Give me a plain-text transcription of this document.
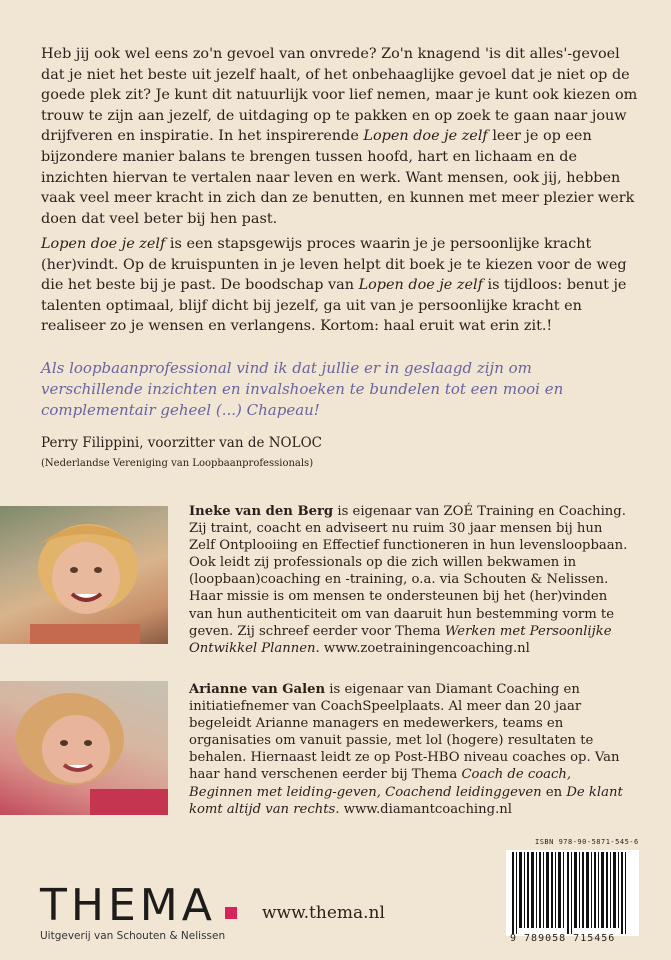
Heb jij ook wel eens zo'n gevoel van onvrede? Zo'n knagend 'is dit alles'-gevoel dat je niet het beste uit jezelf haalt, of het onbehaaglijke gevoel dat je niet op de goede plek zit? Je kunt dit natuurlijk voor lief nemen, maar je kunt ook kiezen om trouw te zijn aan jezelf, de uitdaging op te pakken en op zoek te gaan naar jouw drijfveren en inspiratie. In het inspirerende Lopen doe je zelf leer je op een bijzondere manier balans te brengen tussen hoofd, hart en lichaam en de inzichten hiervan te vertalen naar leven en werk. Want mensen, ook jij, hebben vaak veel meer kracht in zich dan ze benutten, en kunnen met meer plezier werk doen dat veel beter bij hen past.

Lopen doe je zelf is een stapsgewijs proces waarin je je persoonlijke kracht (her)vindt. Op de kruispunten in je leven helpt dit boek je te kiezen voor de weg die het beste bij je past. De boodschap van Lopen doe je zelf is tijdloos: benut je talenten optimaal, blijf dicht bij jezelf, ga uit van je persoonlijke kracht en realiseer zo je wensen en verlangens. Kortom: haal eruit wat erin zit.!

Als loopbaanprofessional vind ik dat jullie er in geslaagd zijn om verschillende inzichten en invalshoeken te bundelen tot een mooi en complementair geheel (...) Chapeau!

Perry Filippini, voorzitter van de NOLOC
(Nederlandse Vereniging van Loopbaanprofessionals)

Ineke van den Berg is eigenaar van ZOÉ Training en Coaching. Zij traint, coacht en adviseert nu ruim 30 jaar mensen bij hun Zelf Ontplooiing en Effectief functioneren in hun levensloopbaan. Ook leidt zij professionals op die zich willen bekwamen in (loopbaan)coaching en -training, o.a. via Schouten & Nelissen. Haar missie is om mensen te ondersteunen bij het (her)vinden van hun authenticiteit om van daaruit hun bestemming vorm te geven. Zij schreef eerder voor Thema Werken met Persoonlijke Ontwikkel Plannen. www.zoetrainingencoaching.nl

Arianne van Galen is eigenaar van Diamant Coaching en initiatiefnemer van CoachSpeelplaats. Al meer dan 20 jaar begeleidt Arianne managers en medewerkers, teams en organisaties om vanuit passie, met lol (hogere) resultaten te behalen. Hiernaast leidt ze op Post-HBO niveau coaches op. Van haar hand verschenen eerder bij Thema Coach de coach, Beginnen met leiding-geven, Coachend leidinggeven en De klant komt altijd van rechts. www.diamantcoaching.nl

ISBN 978-90-5871-545-6
9 789058 715456
THEMA
Uitgeverij van Schouten & Nelissen
www.thema.nl
